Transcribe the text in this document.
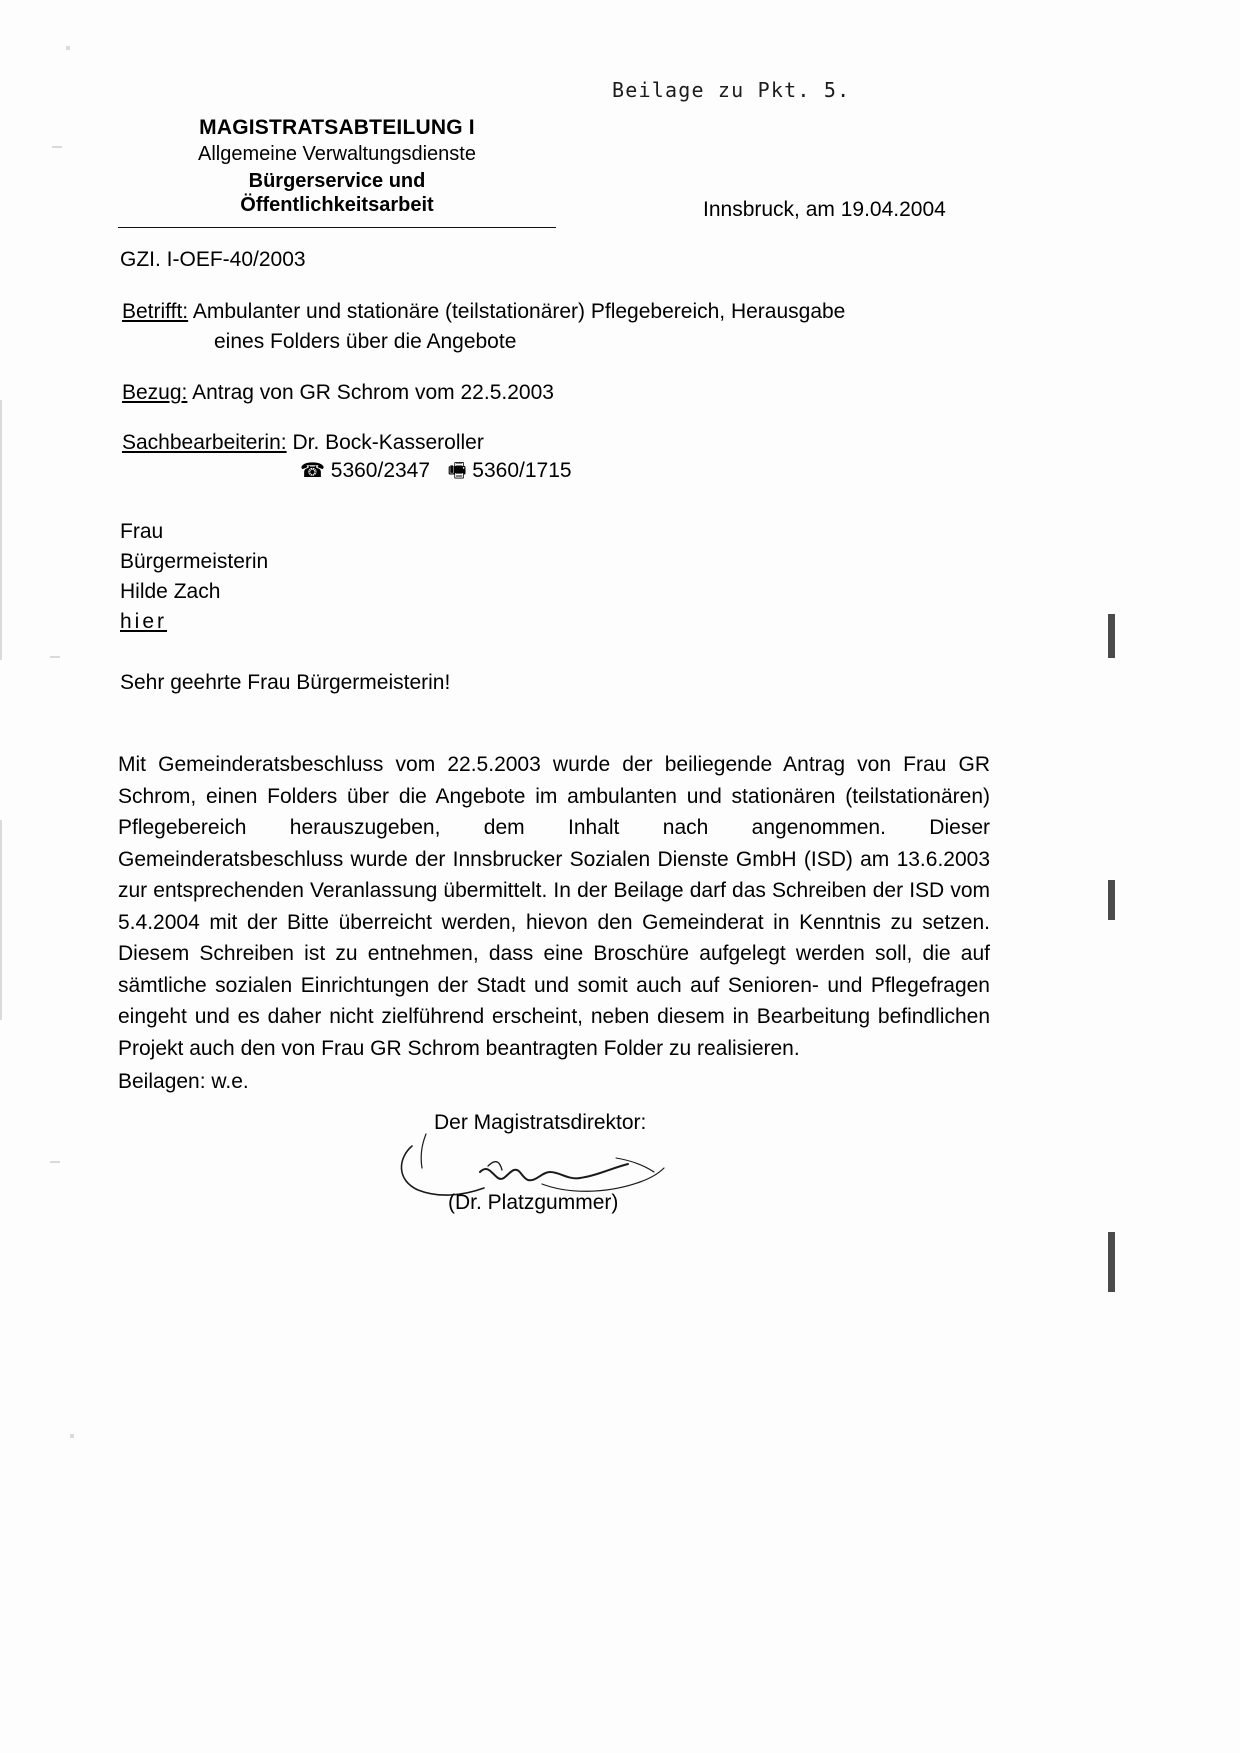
Beilage zu Pkt. 5.
MAGISTRATSABTEILUNG I
Allgemeine Verwaltungsdienste
Bürgerservice und
Öffentlichkeitsarbeit	Innsbruck, am 19.04.2004
GZI. I-OEF-40/2003
Betrifft: Ambulanter und stationäre (teilstationärer) Pflegebereich, Herausgabe
eines Folders über die Angebote
Bezug: Antrag von GR Schrom vom 22.5.2003
Sachbearbeiterin: Dr. Bock-Kasseroller
☎ 5360/2347 🖷 5360/1715
Frau
Bürgermeisterin
Hilde Zach
hier
Sehr geehrte Frau Bürgermeisterin!
Mit Gemeinderatsbeschluss vom 22.5.2003 wurde der beiliegende Antrag von Frau GR Schrom, einen Folders über die Angebote im ambulanten und stationären (teilstationären) Pflegebereich herauszugeben, dem Inhalt nach angenommen. Dieser Gemeinderatsbeschluss wurde der Innsbrucker Sozialen Dienste GmbH (ISD) am 13.6.2003 zur entsprechenden Veranlassung übermittelt. In der Beilage darf das Schreiben der ISD vom 5.4.2004 mit der Bitte überreicht werden, hievon den Gemeinderat in Kenntnis zu setzen. Diesem Schreiben ist zu entnehmen, dass eine Broschüre aufgelegt werden soll, die auf sämtliche sozialen Einrichtungen der Stadt und somit auch auf Senioren- und Pflegefragen eingeht und es daher nicht zielführend erscheint, neben diesem in Bearbeitung befindlichen Projekt auch den von Frau GR Schrom beantragten Folder zu realisieren.
Beilagen: w.e.
Der Magistratsdirektor:
(Dr. Platzgummer)
